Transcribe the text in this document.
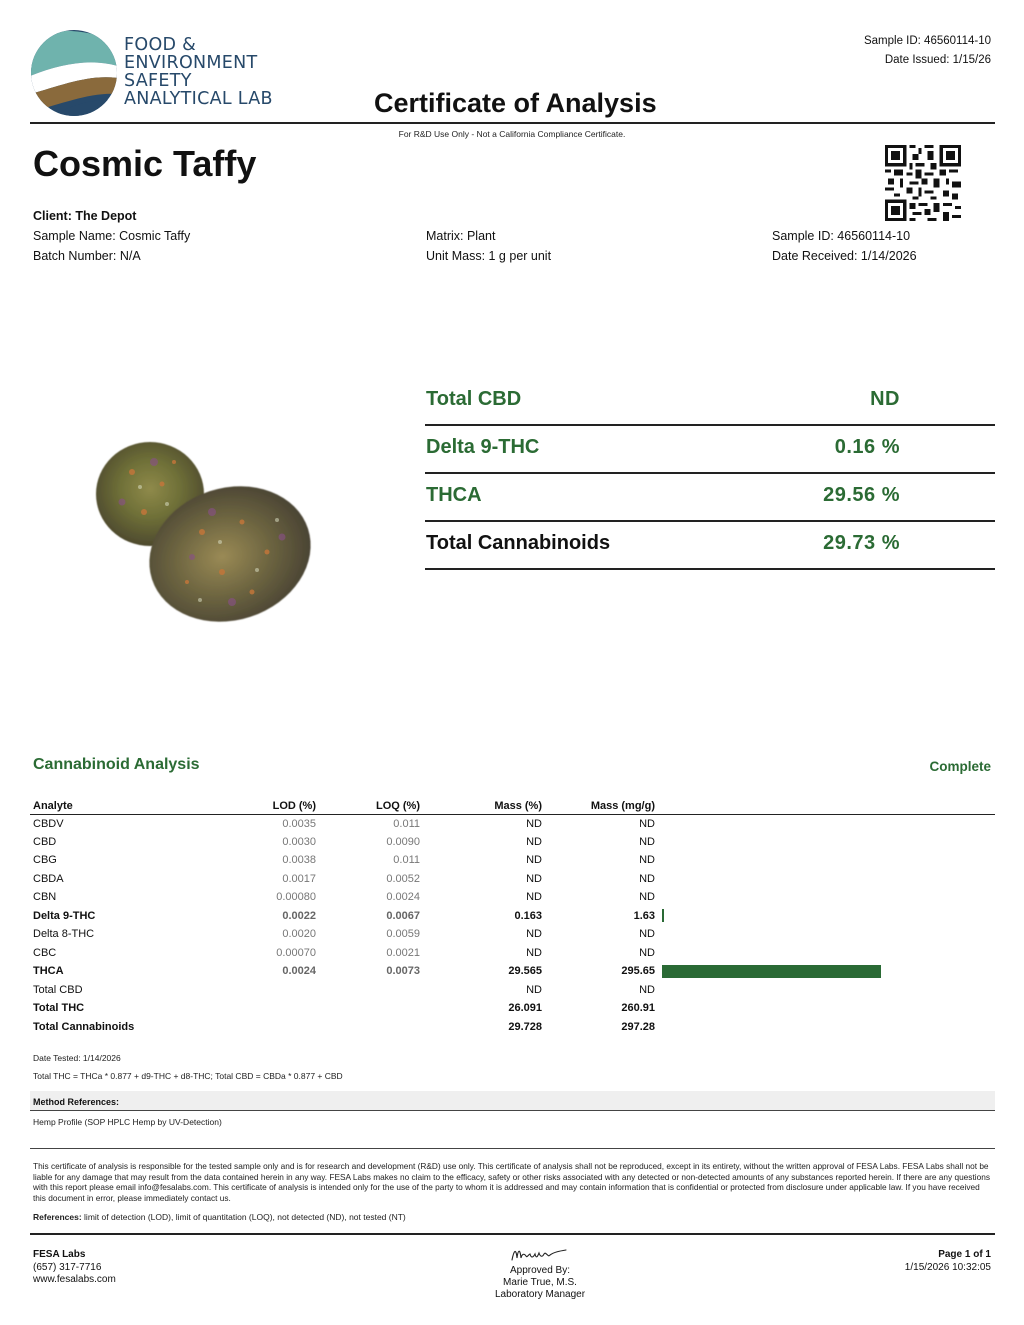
FOOD &
ENVIRONMENT
SAFETY
ANALYTICAL LAB
Sample ID: 46560114-10
Date Issued: 1/15/26
Certificate of Analysis
For R&D Use Only - Not a California Compliance Certificate.
Cosmic Taffy
Client: The Depot
Sample Name: Cosmic Taffy
Batch Number: N/A
Matrix: Plant
Unit Mass: 1 g per unit
Sample ID: 46560114-10
Date Received: 1/14/2026
Total CBD	ND
Delta 9-THC	0.16 %
THCA	29.56 %
Total Cannabinoids	29.73 %
Cannabinoid Analysis	Complete
Analyte	LOD (%)	LOQ (%)	Mass (%)	Mass (mg/g)	
CBDV	0.0035	0.011	ND	ND	
CBD	0.0030	0.0090	ND	ND	
CBG	0.0038	0.011	ND	ND	
CBDA	0.0017	0.0052	ND	ND	
CBN	0.00080	0.0024	ND	ND	
Delta 9-THC	0.0022	0.0067	0.163	1.63	

Delta 8-THC	0.0020	0.0059	ND	ND	
CBC	0.00070	0.0021	ND	ND	
THCA	0.0024	0.0073	29.565	295.65	

Total CBD			ND	ND	
Total THC			26.091	260.91	
Total Cannabinoids			29.728	297.28	
Date Tested: 1/14/2026
Total THC = THCa * 0.877 + d9-THC + d8-THC; Total CBD = CBDa * 0.877 + CBD
Method References:
Hemp Profile (SOP HPLC Hemp by UV-Detection)
This certificate of analysis is responsible for the tested sample only and is for research and development (R&D) use only. This certificate of analysis shall not be reproduced, except in its entirety, without the written approval of FESA Labs. FESA Labs shall not be liable for any damage that may result from the data contained herein in any way. FESA Labs makes no claim to the efficacy, safety or other risks associated with any detected or non-detected amounts of any substances reported herein. If there are any questions with this report please email info@fesalabs.com. This certificate of analysis is intended only for the use of the party to whom it is addressed and may contain information that is confidential or protected from disclosure under applicable law. If you have received this document in error, please immediately contact us.
References: limit of detection (LOD), limit of quantitation (LOQ), not detected (ND), not tested (NT)
FESA Labs
(657) 317-7716
www.fesalabs.com
Approved By:
Marie True, M.S.
Laboratory Manager
Page 1 of 1
1/15/2026 10:32:05
